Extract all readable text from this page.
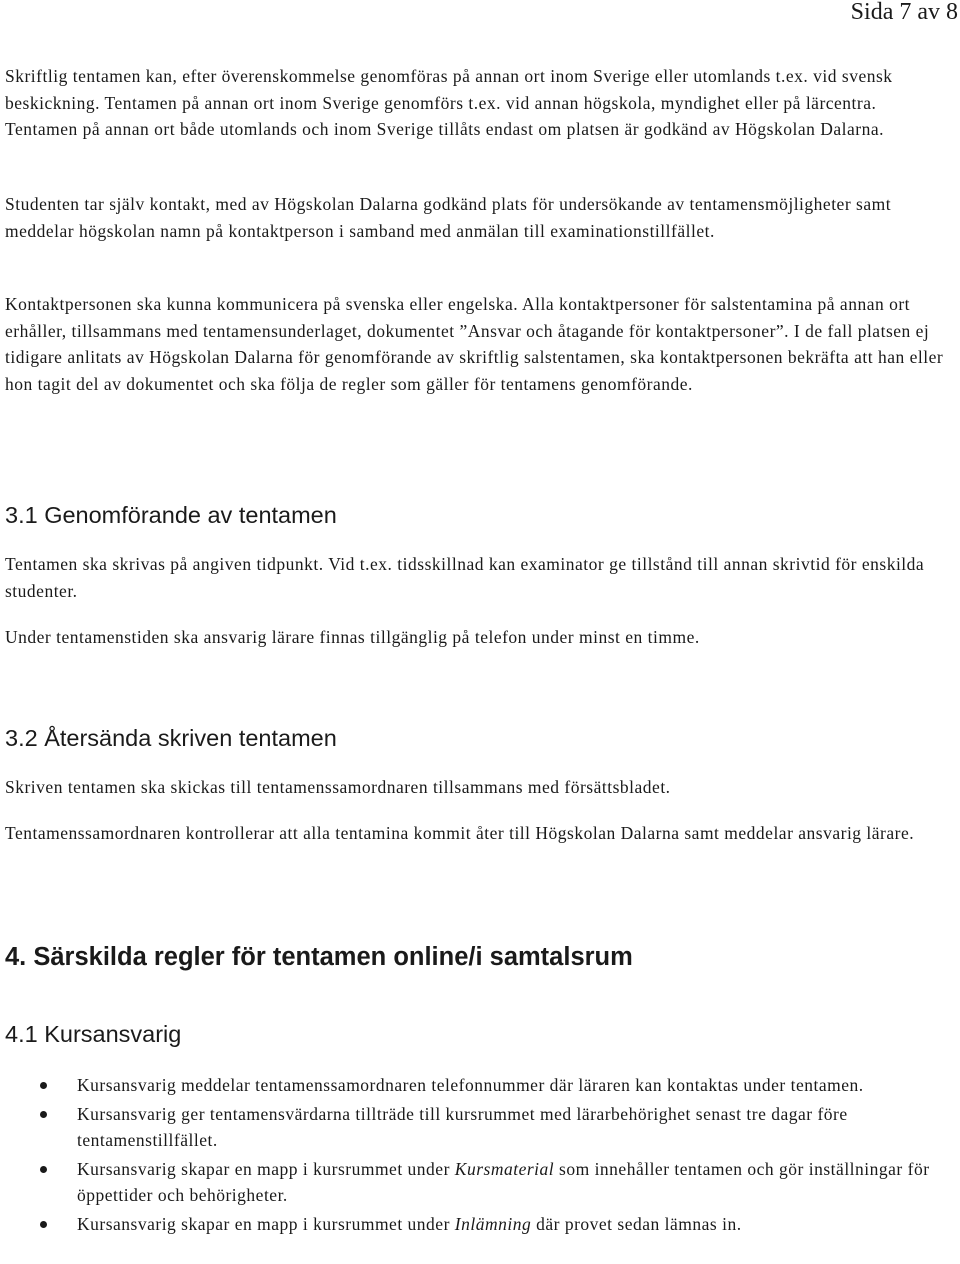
Sida 7 av 8

Skriftlig tentamen kan, efter överenskommelse genomföras på annan ort inom Sverige eller utomlands t.ex. vid svensk beskickning. Tentamen på annan ort inom Sverige genomförs t.ex. vid annan högskola, myndighet eller på lärcentra. Tentamen på annan ort både utomlands och inom Sverige tillåts endast om platsen är godkänd av Högskolan Dalarna.

Studenten tar själv kontakt, med av Högskolan Dalarna godkänd plats för undersökande av tentamensmöjligheter samt meddelar högskolan namn på kontaktperson i samband med anmälan till examinationstillfället.

Kontaktpersonen ska kunna kommunicera på svenska eller engelska. Alla kontaktpersoner för salstentamina på annan ort erhåller, tillsammans med tentamensunderlaget, dokumentet ”Ansvar och åtagande för kontaktpersoner”. I de fall platsen ej tidigare anlitats av Högskolan Dalarna för genomförande av skriftlig salstentamen, ska kontaktpersonen bekräfta att han eller hon tagit del av dokumentet och ska följa de regler som gäller för tentamens genomförande.

3.1 Genomförande av tentamen

Tentamen ska skrivas på angiven tidpunkt. Vid t.ex. tidsskillnad kan examinator ge tillstånd till annan skrivtid för enskilda studenter.

Under tentamenstiden ska ansvarig lärare finnas tillgänglig på telefon under minst en timme.

3.2 Återsända skriven tentamen

Skriven tentamen ska skickas till tentamenssamordnaren tillsammans med försättsbladet.

Tentamenssamordnaren kontrollerar att alla tentamina kommit åter till Högskolan Dalarna samt meddelar ansvarig lärare.

4. Särskilda regler för tentamen online/i samtalsrum
4.1 Kursansvarig
Kursansvarig meddelar tentamenssamordnaren telefonnummer där läraren kan kontaktas under tentamen.
Kursansvarig ger tentamensvärdarna tillträde till kursrummet med lärarbehörighet senast tre dagar före tentamenstillfället.
Kursansvarig skapar en mapp i kursrummet under Kursmaterial som innehåller tentamen och gör inställningar för öppettider och behörigheter.
Kursansvarig skapar en mapp i kursrummet under Inlämning där provet sedan lämnas in.
